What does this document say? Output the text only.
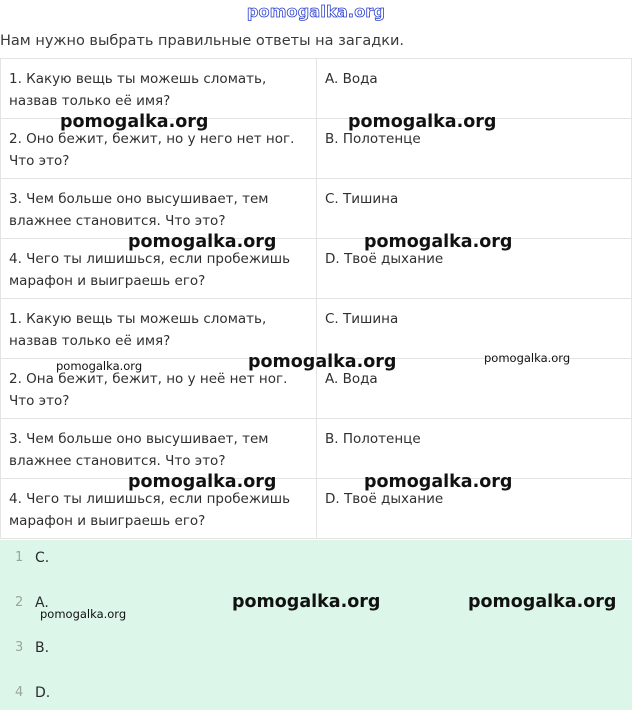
pomogalka.org
Нам нужно выбрать правильные ответы на загадки.
1. Какую вещь ты можешь сломать, назвав только её имя?	A. Вода
2. Оно бежит, бежит, но у него нет ног. Что это?	B. Полотенце
3. Чем больше оно высушивает, тем влажнее становится. Что это?	C. Тишина
4. Чего ты лишишься, если пробежишь марафон и выиграешь его?	D. Твоё дыхание
1. Какую вещь ты можешь сломать, назвав только её имя?	C. Тишина
2. Она бежит, бежит, но у неё нет ног. Что это?	A. Вода
3. Чем больше оно высушивает, тем влажнее становится. Что это?	B. Полотенце
4. Чего ты лишишься, если пробежишь марафон и выиграешь его?	D. Твоё дыхание
1 C.
2 A.
3 B.
4 D.
pomogalka.org	pomogalka.org
pomogalka.org	pomogalka.org
pomogalka.org	pomogalka.org	pomogalka.org
pomogalka.org	pomogalka.org
pomogalka.org
pomogalka.org	pomogalka.org
